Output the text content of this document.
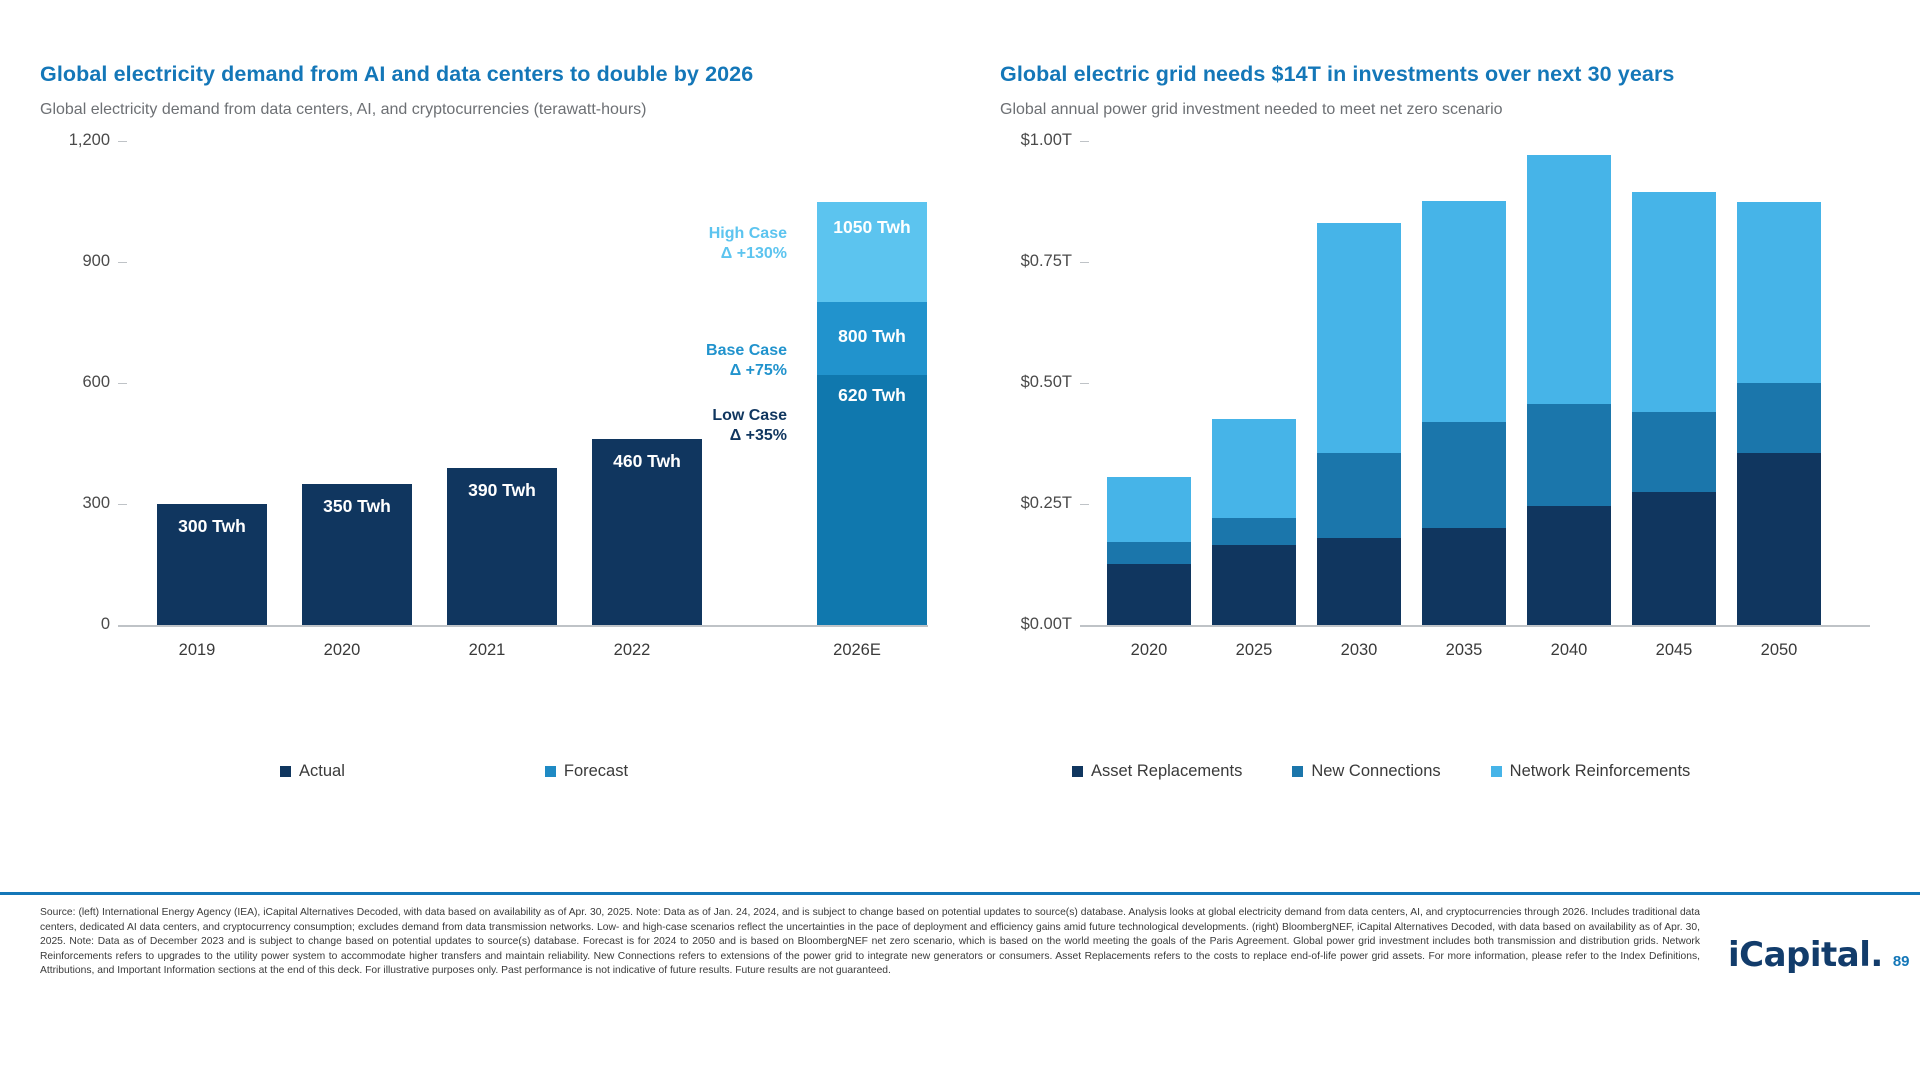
Global electricity demand from AI and data centers to double by 2026
Global electricity demand from data centers, AI, and cryptocurrencies (terawatt-hours)
1,200
900
600
300
0
300 Twh
350 Twh
390 Twh
460 Twh
620 Twh
800 Twh
1050 Twh
High Case
Δ +130%
Base Case
Δ +75%
Low Case
Δ +35%
2019	2020	2021	2022	2026E
Actual	Forecast
Global electric grid needs $14T in investments over next 30 years
Global annual power grid investment needed to meet net zero scenario
$1.00T
$0.75T
$0.50T
$0.25T
$0.00T
2020	2025	2030	2035	2040	2045	2050
Asset Replacements	New Connections	Network Reinforcements
Source: (left) International Energy Agency (IEA), iCapital Alternatives Decoded, with data based on availability as of Apr. 30, 2025. Note: Data as of Jan. 24, 2024, and is subject to change based on potential updates to source(s) database. Analysis looks at global electricity demand from data centers, AI, and cryptocurrencies through 2026. Includes traditional data centers, dedicated AI data centers, and cryptocurrency consumption; excludes demand from data transmission networks. Low- and high-case scenarios reflect the uncertainties in the pace of deployment and efficiency gains amid future technological developments. (right) BloombergNEF, iCapital Alternatives Decoded, with data based on availability as of Apr. 30, 2025. Note: Data as of December 2023 and is subject to change based on potential updates to source(s) database. Forecast is for 2024 to 2050 and is based on BloombergNEF net zero scenario, which is based on the world meeting the goals of the Paris Agreement. Global power grid investment includes both transmission and distribution grids. Network Reinforcements refers to upgrades to the utility power system to accommodate higher transfers and maintain reliability. New Connections refers to extensions of the power grid to integrate new generators or consumers. Asset Replacements refers to the costs to replace end-of-life power grid assets. For more information, please refer to the Index Definitions, Attributions, and Important Information sections at the end of this deck. For illustrative purposes only. Past performance is not indicative of future results. Future results are not guaranteed.	iCapital. 89
